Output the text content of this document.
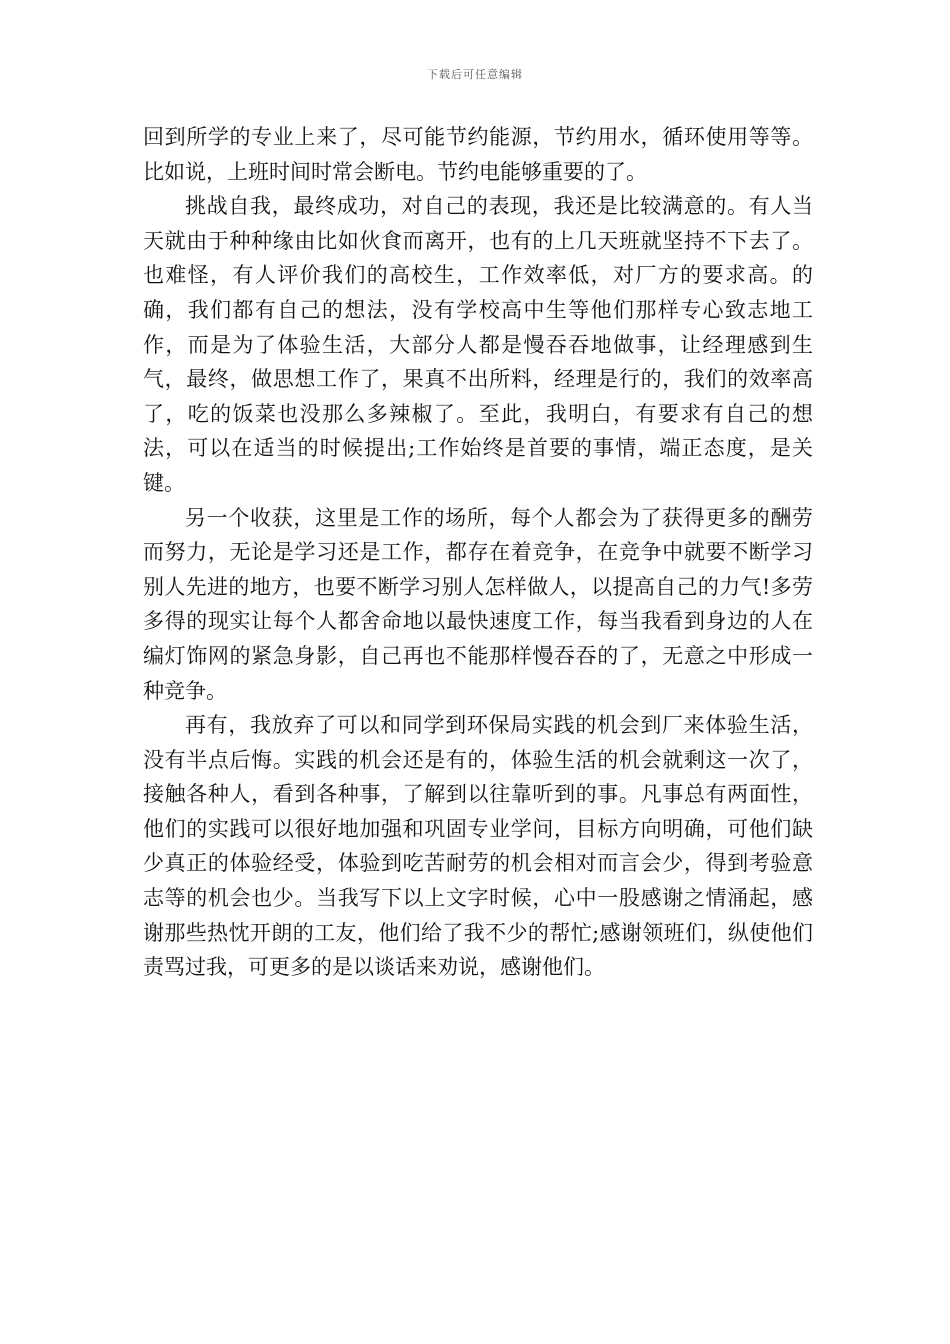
下载后可任意编辑

回到所学的专业上来了，尽可能节约能源，节约用水，循环使用等等。比如说，上班时间时常会断电。节约电能够重要的了。

挑战自我，最终成功，对自己的表现，我还是比较满意的。有人当天就由于种种缘由比如伙食而离开，也有的上几天班就坚持不下去了。也难怪，有人评价我们的高校生，工作效率低，对厂方的要求高。的确，我们都有自己的想法，没有学校高中生等他们那样专心致志地工作，而是为了体验生活，大部分人都是慢吞吞地做事，让经理感到生气，最终，做思想工作了，果真不出所料，经理是行的，我们的效率高了，吃的饭菜也没那么多辣椒了。至此，我明白，有要求有自己的想法，可以在适当的时候提出;工作始终是首要的事情，端正态度，是关键。

另一个收获，这里是工作的场所，每个人都会为了获得更多的酬劳而努力，无论是学习还是工作，都存在着竞争，在竞争中就要不断学习别人先进的地方，也要不断学习别人怎样做人，以提高自己的力气!多劳多得的现实让每个人都舍命地以最快速度工作，每当我看到身边的人在编灯饰网的紧急身影，自己再也不能那样慢吞吞的了，无意之中形成一种竞争。

再有，我放弃了可以和同学到环保局实践的机会到厂来体验生活，没有半点后悔。实践的机会还是有的，体验生活的机会就剩这一次了，接触各种人，看到各种事，了解到以往靠听到的事。凡事总有两面性，他们的实践可以很好地加强和巩固专业学问，目标方向明确，可他们缺少真正的体验经受，体验到吃苦耐劳的机会相对而言会少，得到考验意志等的机会也少。当我写下以上文字时候，心中一股感谢之情涌起，感谢那些热忱开朗的工友，他们给了我不少的帮忙;感谢领班们，纵使他们责骂过我，可更多的是以谈话来劝说，感谢他们。
